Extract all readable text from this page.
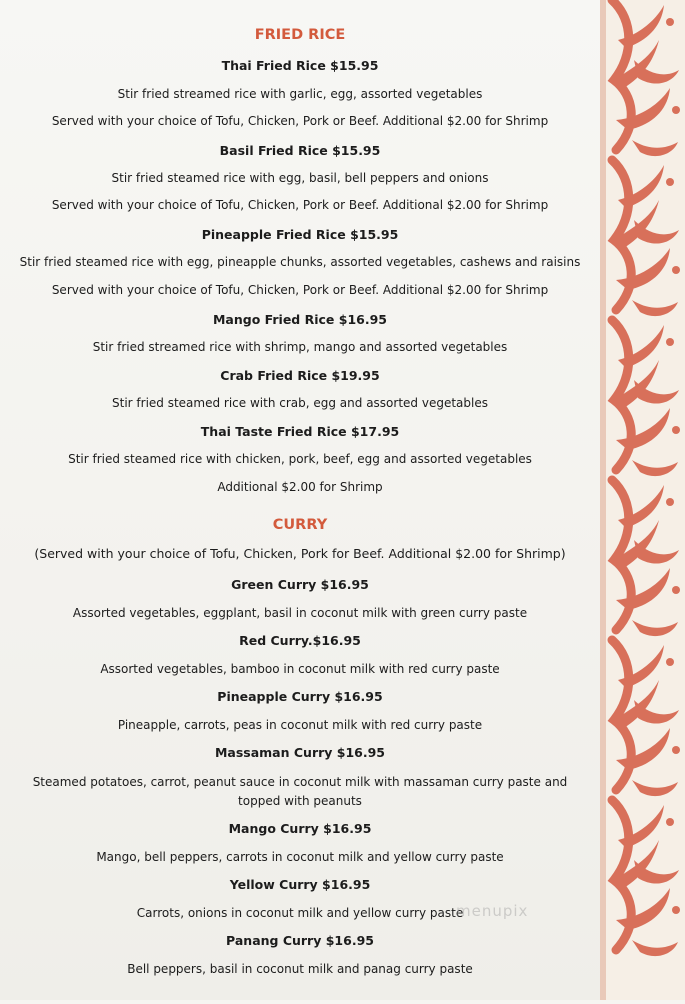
FRIED RICE
Thai Fried Rice $15.95
Stir fried streamed rice with garlic, egg, assorted vegetables
Served with your choice of Tofu, Chicken, Pork or Beef. Additional $2.00 for Shrimp
Basil Fried Rice $15.95
Stir fried steamed rice with egg, basil, bell peppers and onions
Served with your choice of Tofu, Chicken, Pork or Beef. Additional $2.00 for Shrimp
Pineapple Fried Rice $15.95
Stir fried steamed rice with egg, pineapple chunks, assorted vegetables, cashews and raisins
Served with your choice of Tofu, Chicken, Pork or Beef. Additional $2.00 for Shrimp
Mango Fried Rice $16.95
Stir fried streamed rice with shrimp, mango and assorted vegetables
Crab Fried Rice $19.95
Stir fried steamed rice with crab, egg and assorted vegetables
Thai Taste Fried Rice $17.95
Stir fried steamed rice with chicken, pork, beef, egg and assorted vegetables
Additional $2.00 for Shrimp
CURRY
(Served with your choice of Tofu, Chicken, Pork for Beef. Additional $2.00 for Shrimp)
Green Curry $16.95
Assorted vegetables, eggplant, basil in coconut milk with green curry paste
Red Curry.$16.95
Assorted vegetables, bamboo in coconut milk with red curry paste
Pineapple Curry $16.95
Pineapple, carrots, peas in coconut milk with red curry paste
Massaman Curry $16.95
Steamed potatoes, carrot, peanut sauce in coconut milk with massaman curry paste and
topped with peanuts
Mango Curry $16.95
Mango, bell peppers, carrots in coconut milk and yellow curry paste
Yellow Curry $16.95
Carrots, onions in coconut milk and yellow curry paste
Panang Curry $16.95
Bell peppers, basil in coconut milk and panag curry paste
menupix
